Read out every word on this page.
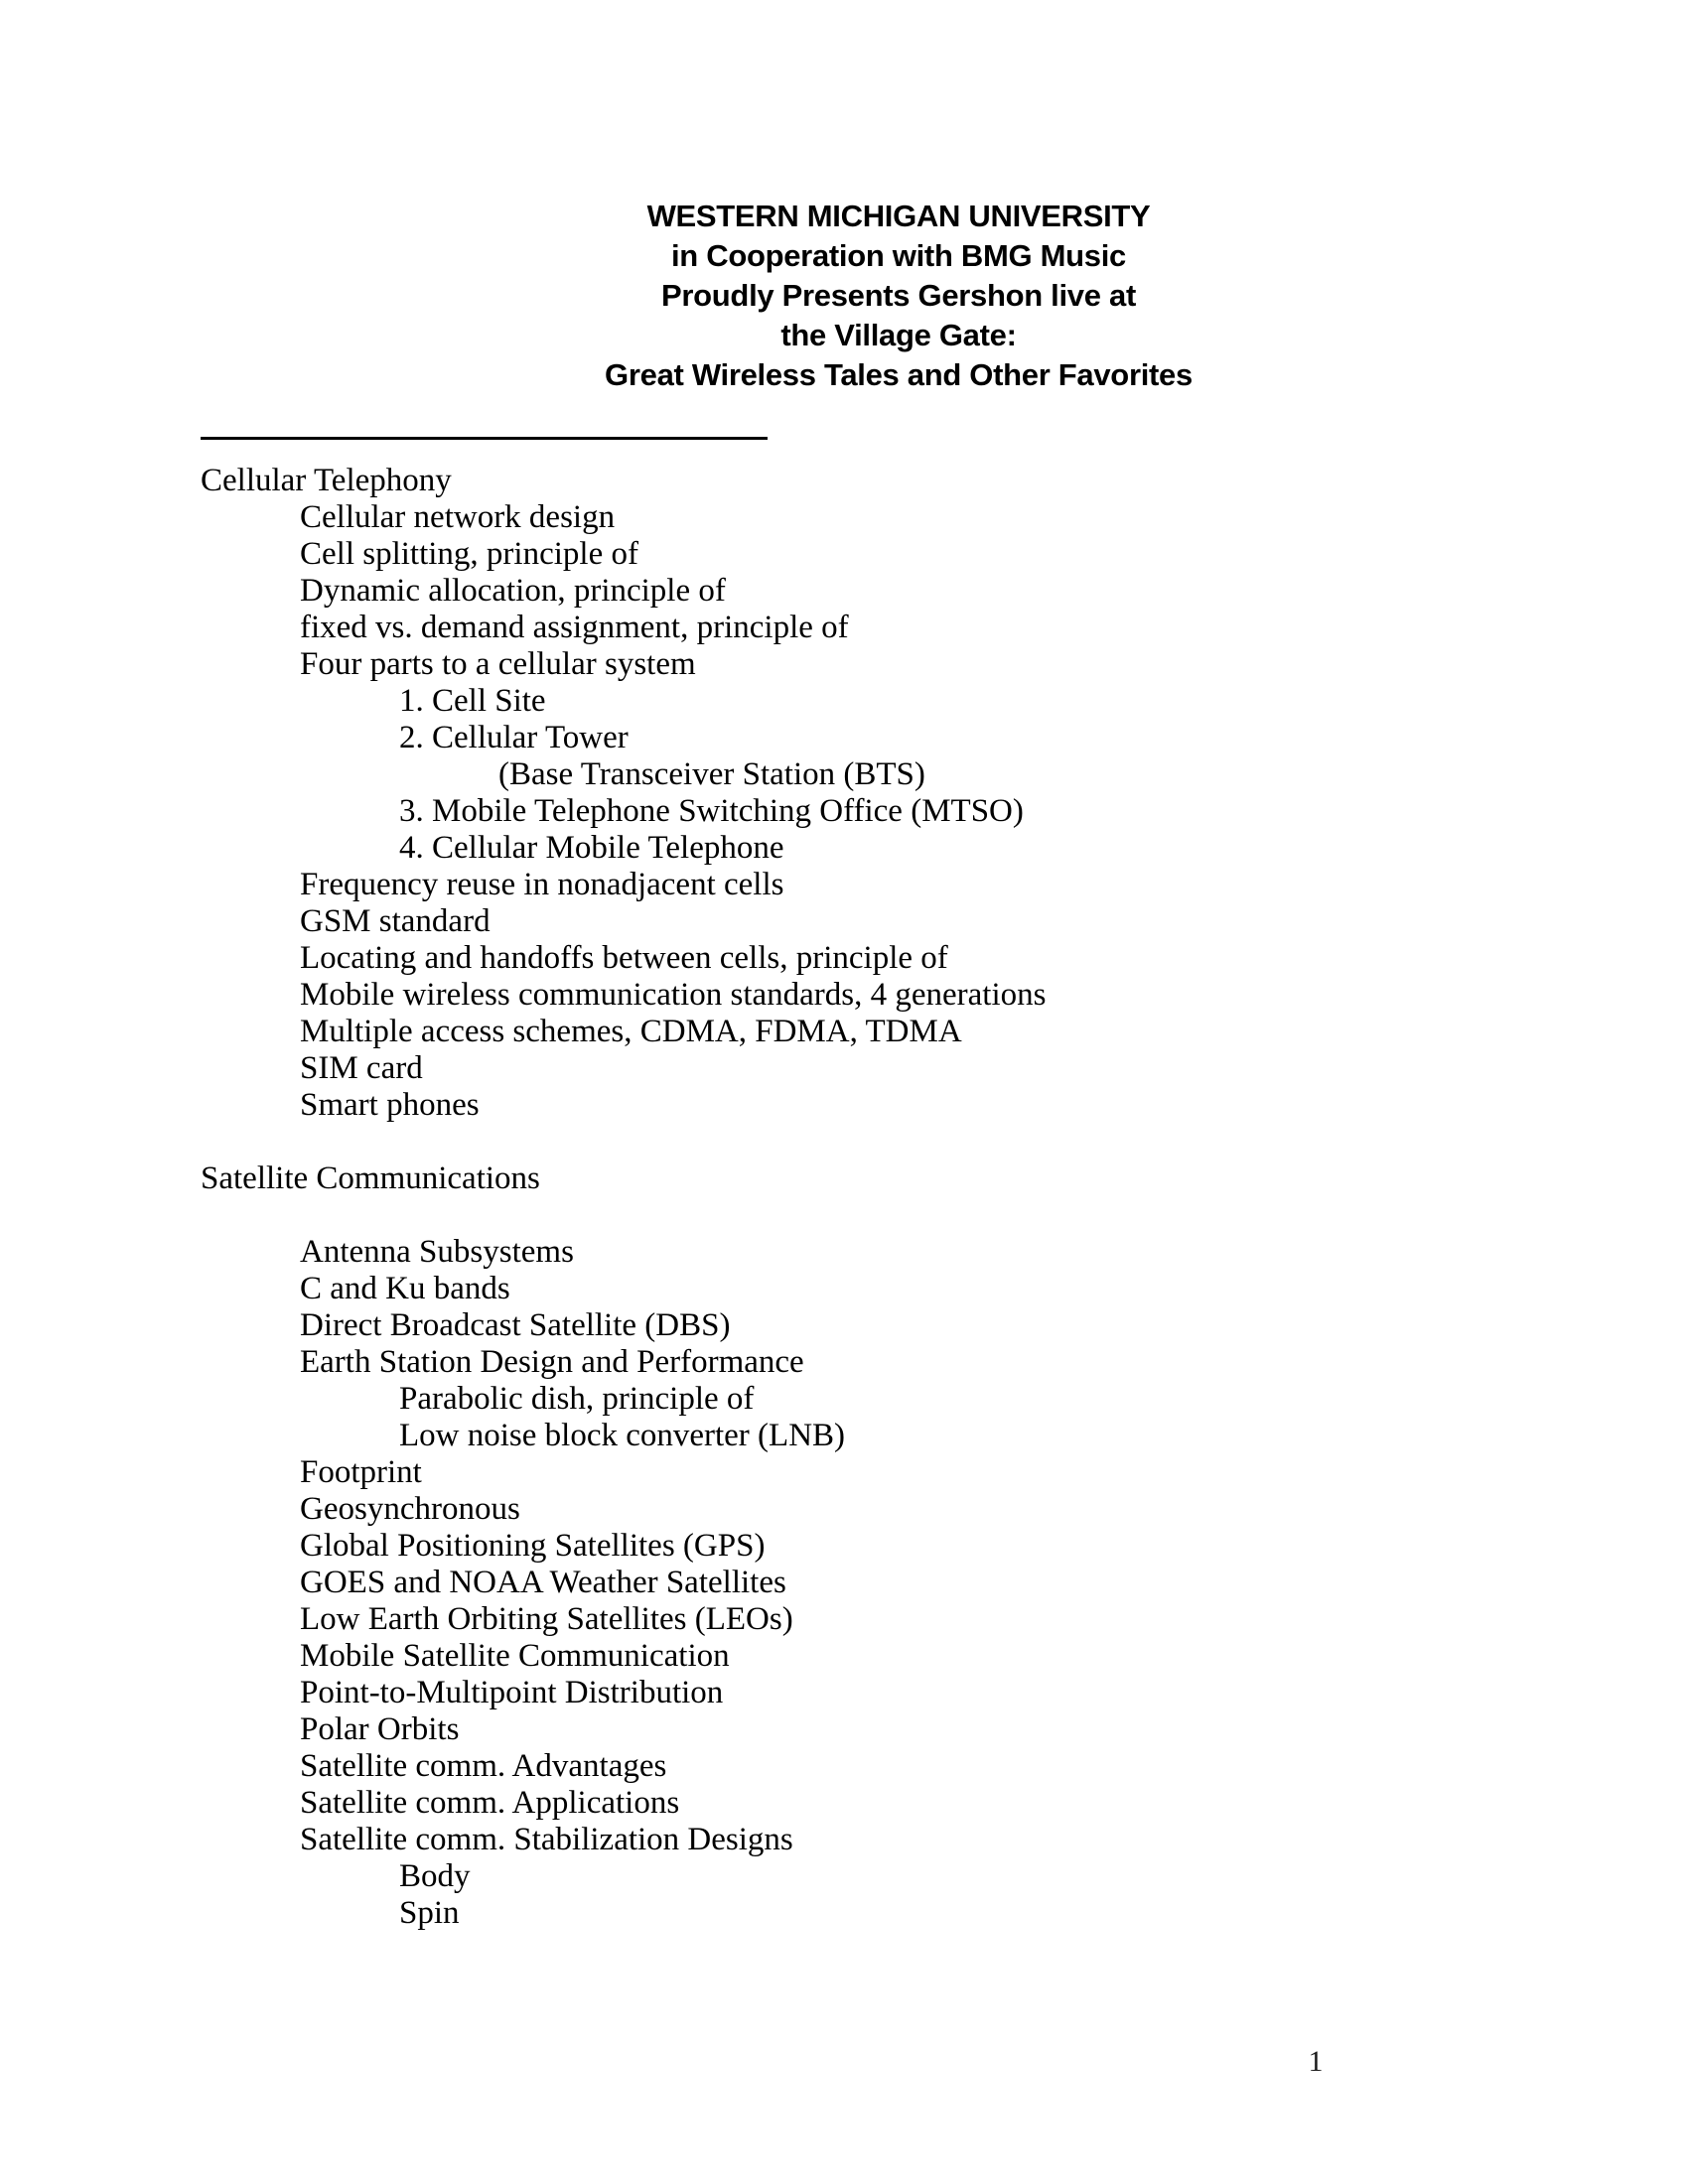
WESTERN MICHIGAN UNIVERSITY
in Cooperation with BMG Music
Proudly Presents Gershon live at
the Village Gate:
Great Wireless Tales and Other Favorites
Cellular Telephony
Cellular network design
Cell splitting, principle of
Dynamic allocation, principle of
fixed vs. demand assignment, principle of
Four parts to a cellular system
1. Cell Site
2. Cellular Tower
(Base Transceiver Station (BTS)
3. Mobile Telephone Switching Office (MTSO)
4. Cellular Mobile Telephone
Frequency reuse in nonadjacent cells
GSM standard
Locating and handoffs between cells, principle of
Mobile wireless communication standards, 4 generations
Multiple access schemes, CDMA, FDMA, TDMA
SIM card
Smart phones
Satellite Communications
Antenna Subsystems
C and Ku bands
Direct Broadcast Satellite (DBS)
Earth Station Design and Performance
Parabolic dish, principle of
Low noise block converter (LNB)
Footprint
Geosynchronous
Global Positioning Satellites (GPS)
GOES and NOAA Weather Satellites
Low Earth Orbiting Satellites (LEOs)
Mobile Satellite Communication
Point-to-Multipoint Distribution
Polar Orbits
Satellite comm. Advantages
Satellite comm. Applications
Satellite comm. Stabilization Designs
Body
Spin
1
